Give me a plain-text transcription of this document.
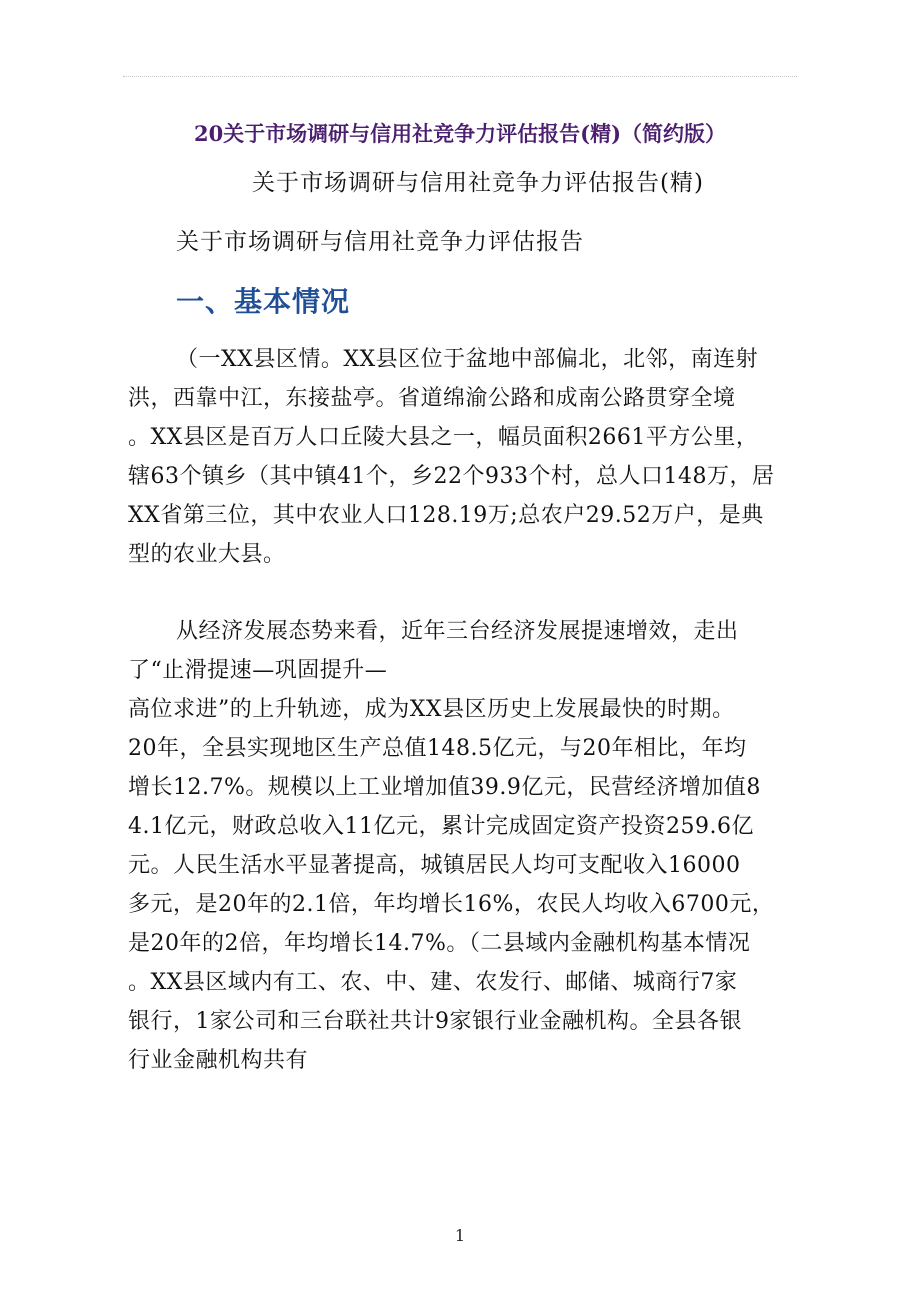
20关于市场调研与信用社竞争力评估报告(精)（简约版）
关于市场调研与信用社竞争力评估报告(精)
关于市场调研与信用社竞争力评估报告
一、基本情况
（一XX县区情。XX县区位于盆地中部偏北，北邻，南连射
洪，西靠中江，东接盐亭。省道绵渝公路和成南公路贯穿全境
。XX县区是百万人口丘陵大县之一，幅员面积2661平方公里，
辖63个镇乡（其中镇41个，乡22个933个村，总人口148万，居
XX省第三位，其中农业人口128.19万;总农户29.52万户，是典
型的农业大县。
从经济发展态势来看，近年三台经济发展提速增效，走出
了“止滑提速—巩固提升—
高位求进”的上升轨迹，成为XX县区历史上发展最快的时期。
20年，全县实现地区生产总值148.5亿元，与20年相比，年均
增长12.7%。规模以上工业增加值39.9亿元，民营经济增加值8
4.1亿元，财政总收入11亿元，累计完成固定资产投资259.6亿
元。人民生活水平显著提高，城镇居民人均可支配收入16000
多元，是20年的2.1倍，年均增长16%，农民人均收入6700元，
是20年的2倍，年均增长14.7%。（二县域内金融机构基本情况
。XX县区域内有工、农、中、建、农发行、邮储、城商行7家
银行，1家公司和三台联社共计9家银行业金融机构。全县各银
行业金融机构共有
1
